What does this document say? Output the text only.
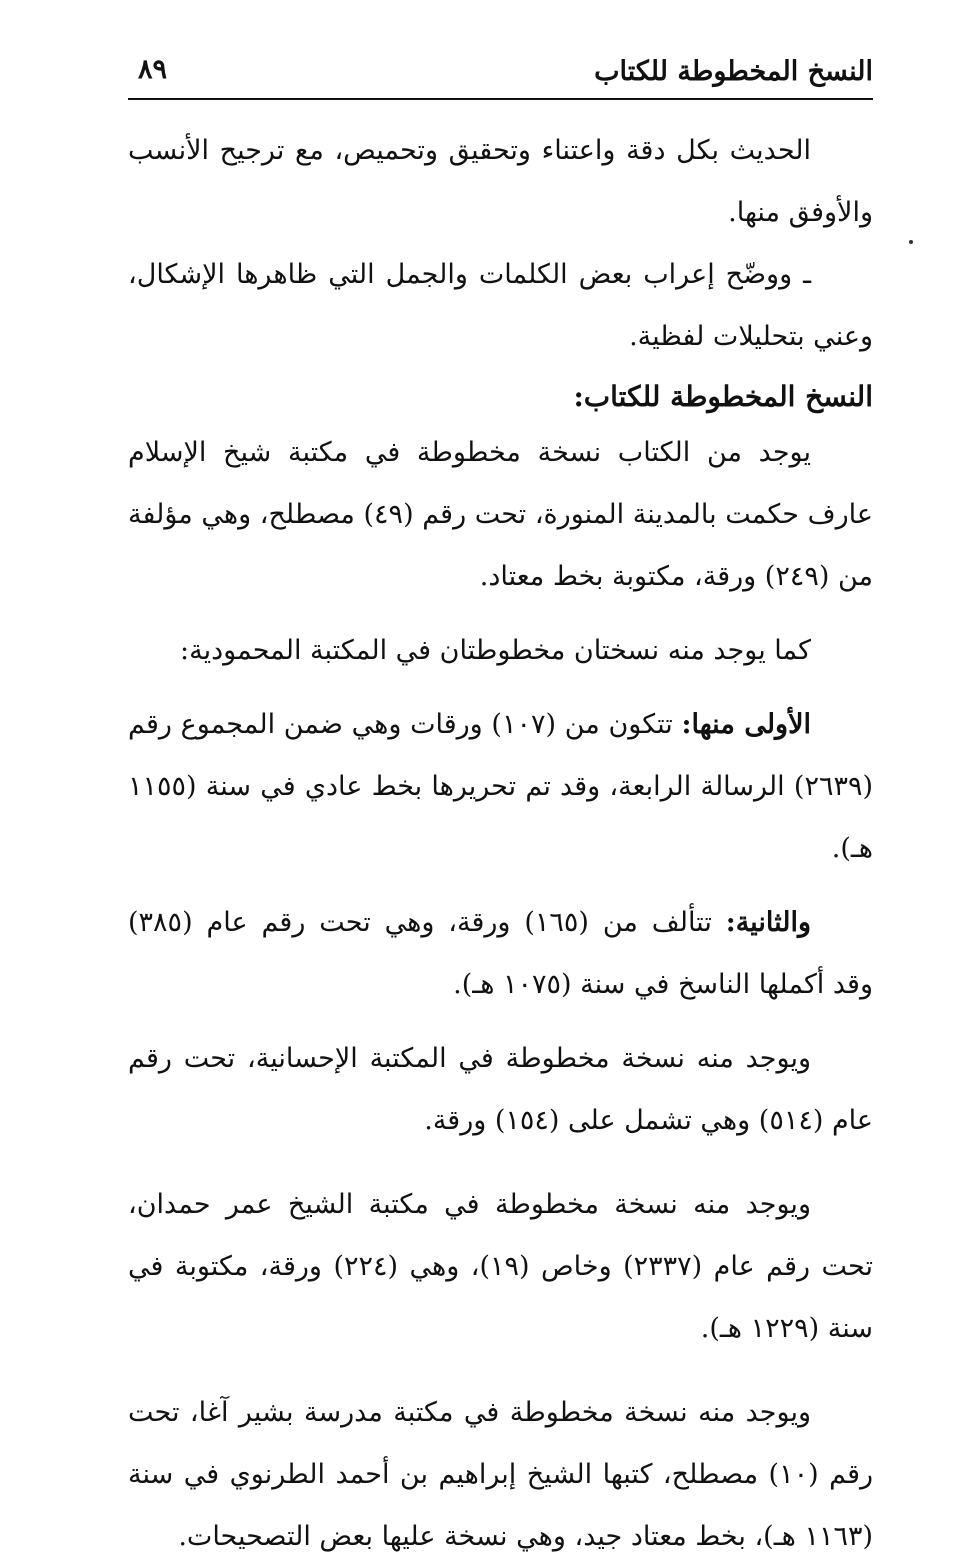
النسخ المخطوطة للكتاب
٨٩

الحديث بكل دقة واعتناء وتحقيق وتحميص، مع ترجيح الأنسب والأوفق منها.

ـ ووضّح إعراب بعض الكلمات والجمل التي ظاهرها الإشكال، وعني بتحليلات لفظية.

النسخ المخطوطة للكتاب:

يوجد من الكتاب نسخة مخطوطة في مكتبة شيخ الإسلام عارف حكمت بالمدينة المنورة، تحت رقم (٤٩) مصطلح، وهي مؤلفة من (٢٤٩) ورقة، مكتوبة بخط معتاد.

كما يوجد منه نسختان مخطوطتان في المكتبة المحمودية:

الأولى منها: تتكون من (١٠٧) ورقات وهي ضمن المجموع رقم (٢٦٣٩) الرسالة الرابعة، وقد تم تحريرها بخط عادي في سنة (١١٥٥ هـ).

والثانية: تتألف من (١٦٥) ورقة، وهي تحت رقم عام (٣٨٥) وقد أكملها الناسخ في سنة (١٠٧٥ هـ).

ويوجد منه نسخة مخطوطة في المكتبة الإحسانية، تحت رقم عام (٥١٤) وهي تشمل على (١٥٤) ورقة.

ويوجد منه نسخة مخطوطة في مكتبة الشيخ عمر حمدان، تحت رقم عام (٢٣٣٧) وخاص (١٩)، وهي (٢٢٤) ورقة، مكتوبة في سنة (١٢٢٩ هـ).

ويوجد منه نسخة مخطوطة في مكتبة مدرسة بشير آغا، تحت رقم (١٠) مصطلح، كتبها الشيخ إبراهيم بن أحمد الطرنوي في سنة (١١٦٣ هـ)، بخط معتاد جيد، وهي نسخة عليها بعض التصحيحات.
